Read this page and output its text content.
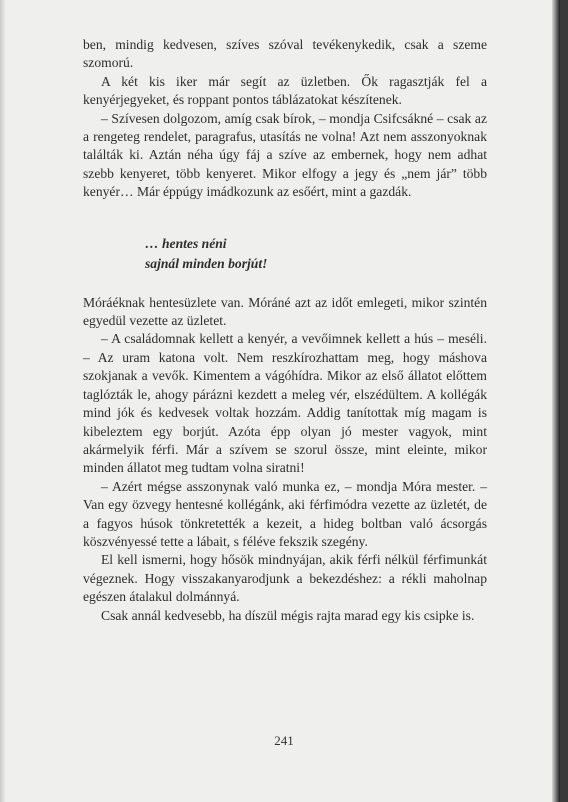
ben, mindig kedvesen, szíves szóval tevékenykedik, csak a szeme szomorú.

A két kis iker már segít az üzletben. Ők ragasztják fel a kenyérjegyeket, és roppant pontos táblázatokat készítenek.

– Szívesen dolgozom, amíg csak bírok, – mondja Csifcsákné – csak az a rengeteg rendelet, paragrafus, utasítás ne volna! Azt nem asszonyoknak találták ki. Aztán néha úgy fáj a szíve az embernek, hogy nem adhat szebb kenyeret, több kenyeret. Mikor elfogy a jegy és „nem jár” több kenyér… Már éppúgy imádkozunk az esőért, mint a gazdák.

… hentes néni
sajnál minden borjút!

Móráéknak hentesüzlete van. Móráné azt az időt emlegeti, mikor szintén egyedül vezette az üzletet.

– A családomnak kellett a kenyér, a vevőimnek kellett a hús – meséli. – Az uram katona volt. Nem reszkírozhattam meg, hogy máshova szokjanak a vevők. Kimentem a vágóhídra. Mikor az első állatot előttem taglózták le, ahogy párázni kezdett a meleg vér, elszédültem. A kollégák mind jók és kedvesek voltak hozzám. Addig tanítottak míg magam is kibeleztem egy borjút. Azóta épp olyan jó mester vagyok, mint akármelyik férfi. Már a szívem se szorul össze, mint eleinte, mikor minden állatot meg tudtam volna siratni!

– Azért mégse asszonynak való munka ez, – mondja Móra mester. – Van egy özvegy hentesné kollégánk, aki férfimódra vezette az üzletét, de a fagyos húsok tönkretették a kezeit, a hideg boltban való ácsorgás köszvényessé tette a lábait, s féléve fekszik szegény.

El kell ismerni, hogy hősök mindnyájan, akik férfi nélkül férfimunkát végeznek. Hogy visszakanyarodjunk a bekezdéshez: a rékli maholnap egészen átalakul dolmánnyá.

Csak annál kedvesebb, ha díszül mégis rajta marad egy kis csipke is.

241
